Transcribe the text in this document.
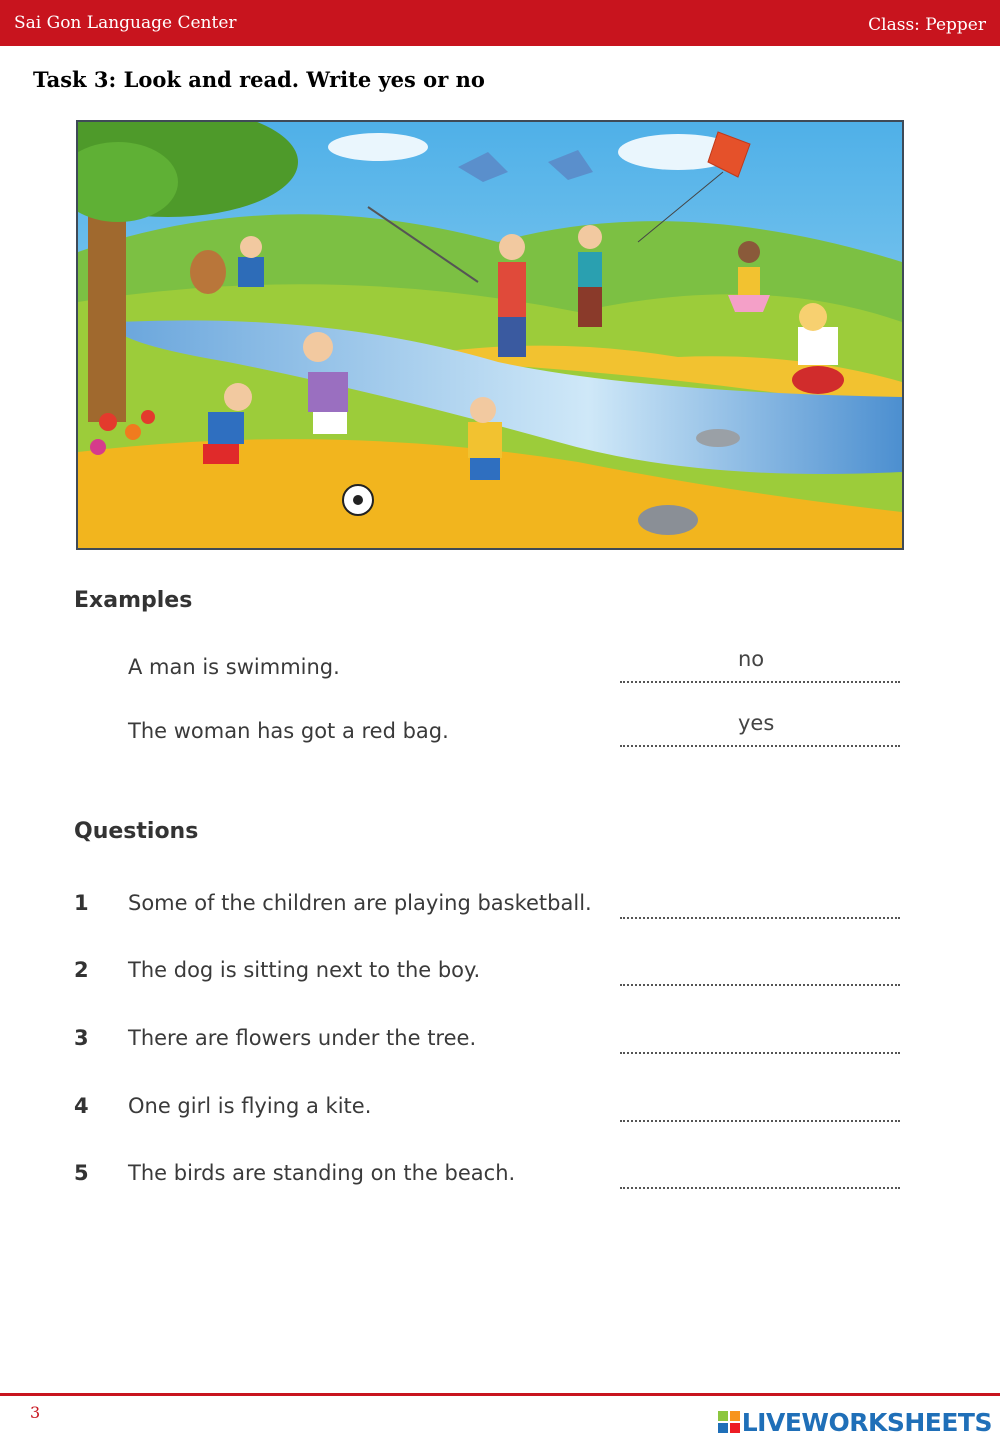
Sai Gon Language Center	Class: Pepper
Task 3: Look and read. Write yes or no
Examples
A man is swimming.	no
The woman has got a red bag.	yes
Questions
1 Some of the children are playing basketball.
2 The dog is sitting next to the boy.
3 There are flowers under the tree.
4 One girl is flying a kite.
5 The birds are standing on the beach.
3	LIVEWORKSHEETS
